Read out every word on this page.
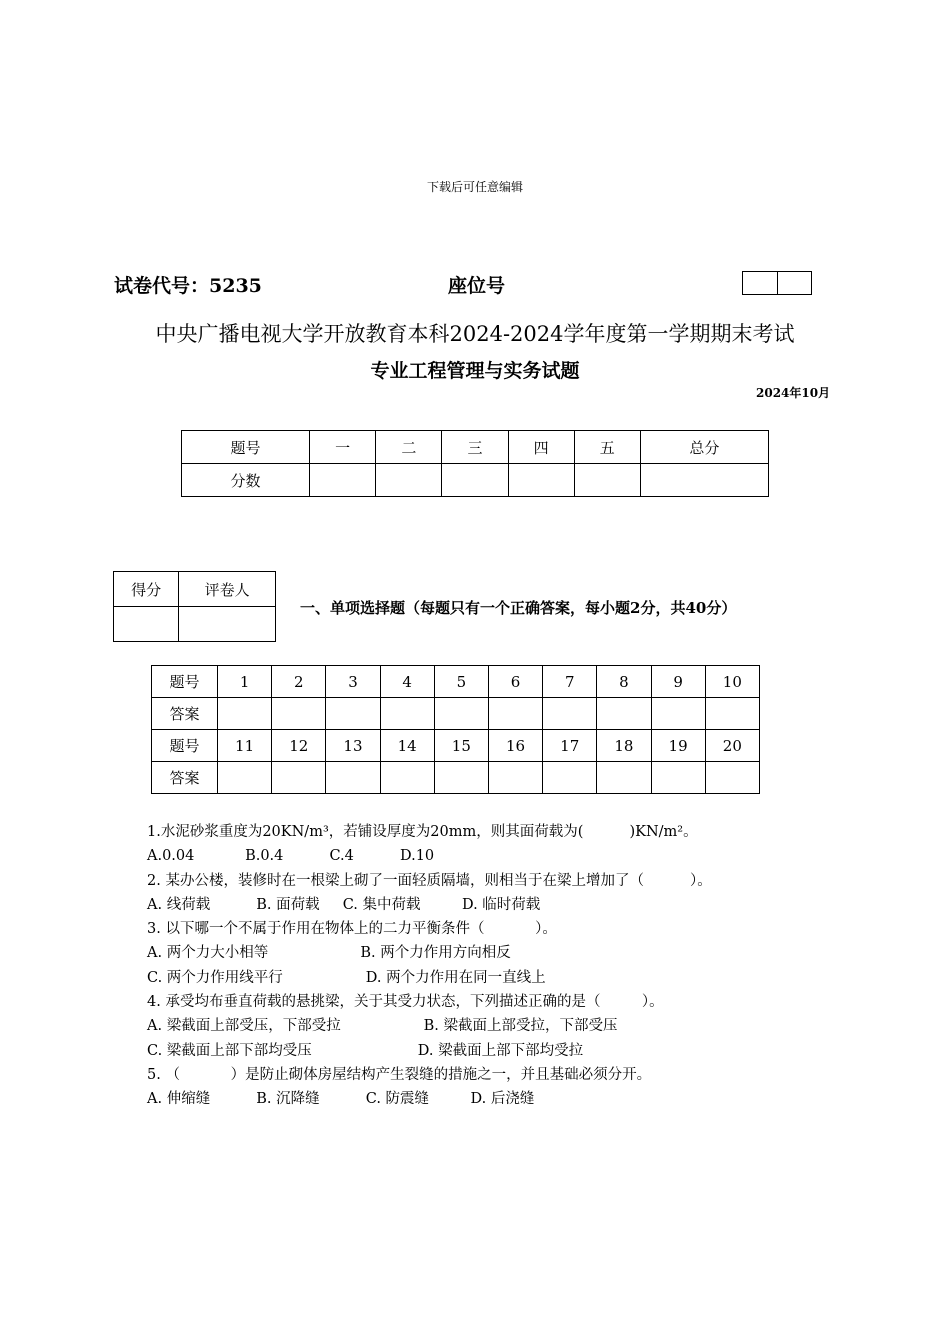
下载后可任意编辑
试卷代号：5235	座位号
中央广播电视大学开放教育本科2024-2024学年度第一学期期末考试
专业工程管理与实务试题
2024年10月
题号	一	二	三	四	五	总分
分数						
得分	评卷人

一、单项选择题（每题只有一个正确答案，每小题2分，共40分）
题号	1	2	3	4	5	6	7	8	9	10
答案										
题号	11	12	13	14	15	16	17	18	19	20
答案										
1.水泥砂浆重度为20KN/m³，若铺设厚度为20mm，则其面荷载为(          )KN/m²。
A.0.04           B.0.4          C.4          D.10
2. 某办公楼，装修时在一根梁上砌了一面轻质隔墙，则相当于在梁上增加了（          ）。
A. 线荷载          B. 面荷载     C. 集中荷载         D. 临时荷载
3. 以下哪一个不属于作用在物体上的二力平衡条件（           ）。
A. 两个力大小相等                    B. 两个力作用方向相反
C. 两个力作用线平行                  D. 两个力作用在同一直线上
4. 承受均布垂直荷载的悬挑梁，关于其受力状态，下列描述正确的是（         ）。
A. 梁截面上部受压，下部受拉                  B. 梁截面上部受拉，下部受压
C. 梁截面上部下部均受压                       D. 梁截面上部下部均受拉
5. （           ）是防止砌体房屋结构产生裂缝的措施之一，并且基础必须分开。
A. 伸缩缝          B. 沉降缝          C. 防震缝         D. 后浇缝
